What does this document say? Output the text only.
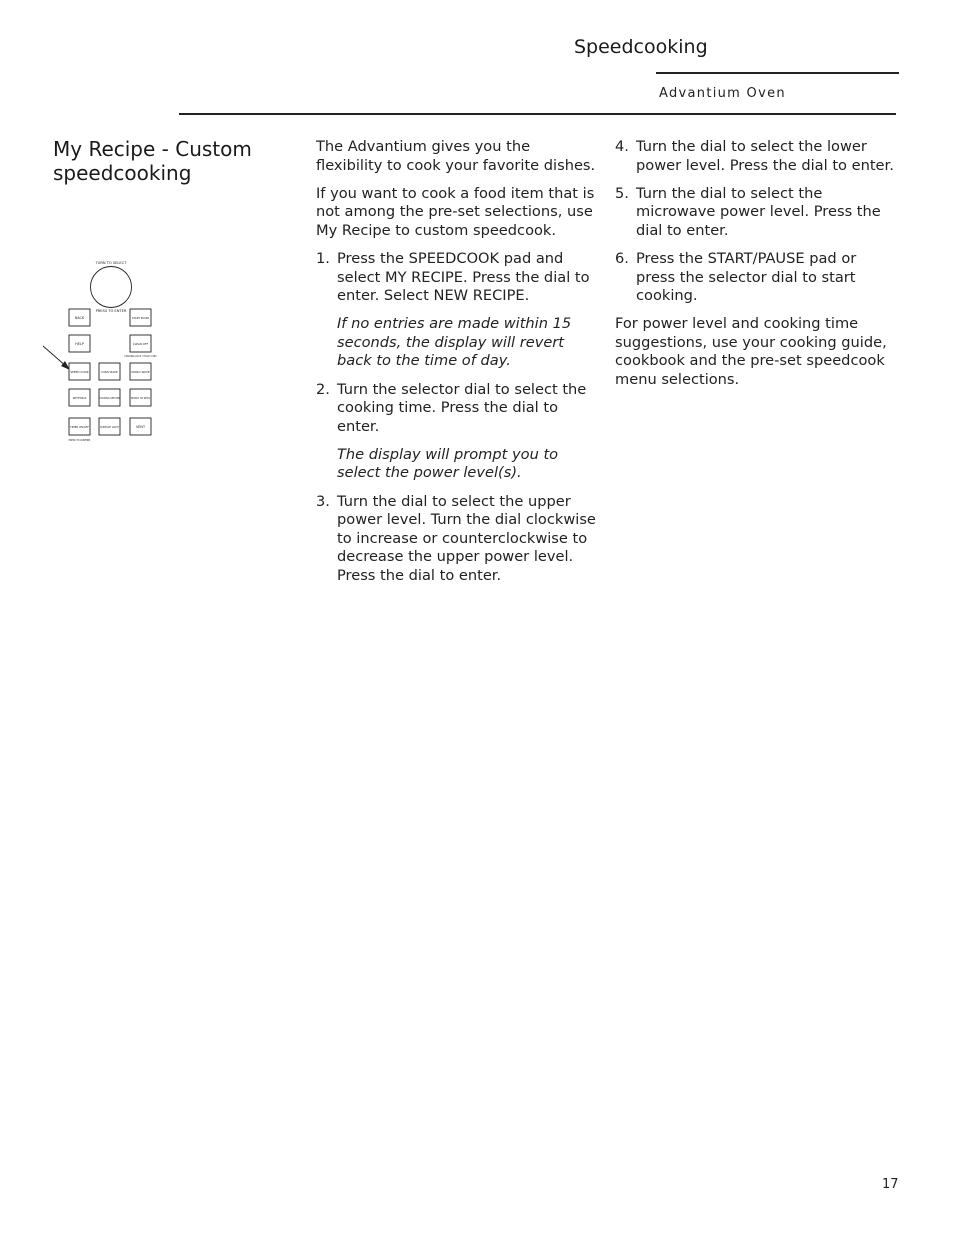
Speedcooking
Advantium Oven
My Recipe - Custom speedcooking
TURN TO SELECT
PRESS TO ENTER
BACK	START PAUSE
HELP	CLEAR OFF
COOKING LOCK / HOLD 3 SEC
SPEED COOK	CONV BAKE	MICRO WAVE
SETTINGS	COOKING OPTIONS	MICRO 30 SECS
TIMER ON/OFF
PRESS TO CONFIRM
SURFACE LIGHT	VENT

The Advantium gives you the flexibility to cook your favorite dishes.

If you want to cook a food item that is not among the pre-set selections, use My Recipe to custom speedcook.

1. Press the SPEEDCOOK pad and select MY RECIPE. Press the dial to enter. Select NEW RECIPE.

If no entries are made within 15 seconds, the display will revert back to the time of day.

2. Turn the selector dial to select the cooking time. Press the dial to enter.

The display will prompt you to select the power level(s).

3. Turn the dial to select the upper power level. Turn the dial clockwise to increase or counterclockwise to decrease the upper power level. Press the dial to enter.
4. Turn the dial to select the lower power level. Press the dial to enter.
5. Turn the dial to select the microwave power level. Press the dial to enter.
6. Press the START/PAUSE pad or press the selector dial to start cooking.

For power level and cooking time suggestions, use your cooking guide, cookbook and the pre-set speedcook menu selections.

17
